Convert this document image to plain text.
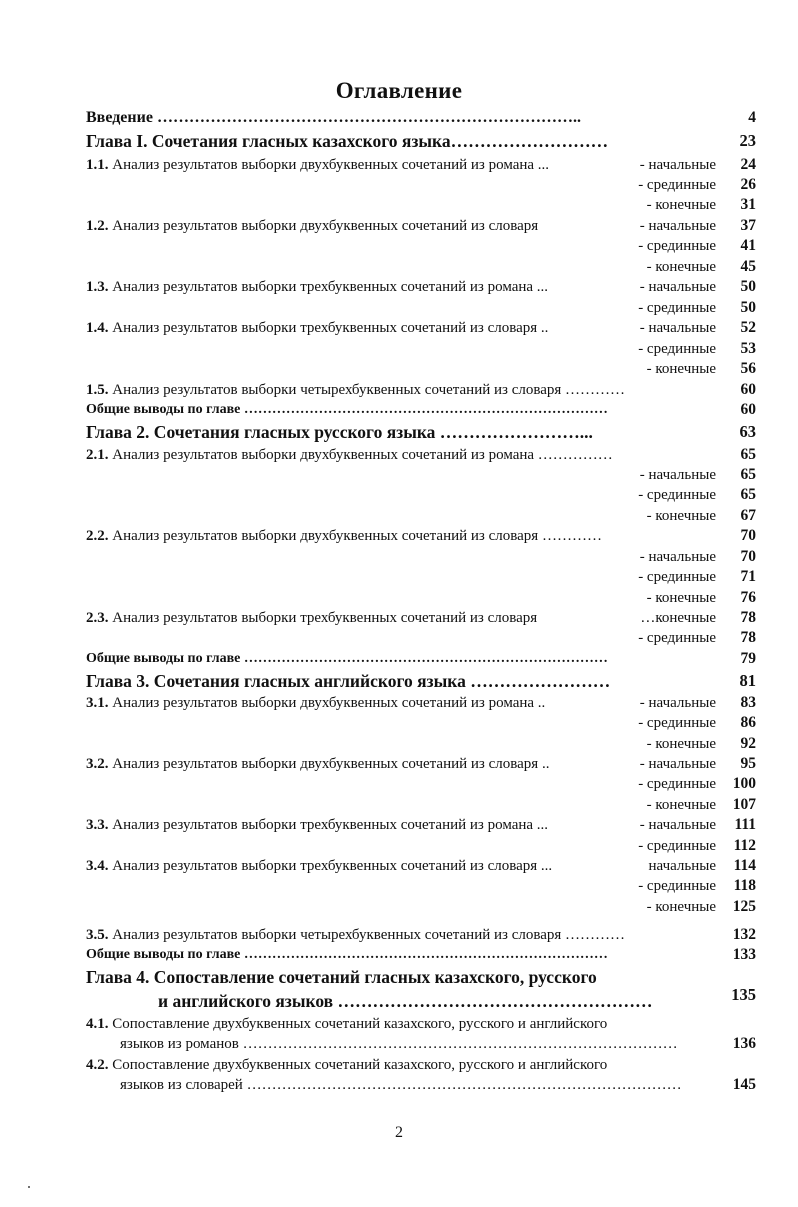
Оглавление
Введение ……………………………………………………………………..	4
Глава I. Сочетания гласных казахского языка………………………	23
1.1. Анализ результатов выборки двухбуквенных сочетаний из романа ...	- начальные 24
- срединные 26
- конечные 31
1.2. Анализ результатов выборки двухбуквенных сочетаний из словаря	- начальные 37
- срединные 41
- конечные 45
1.3. Анализ результатов выборки трехбуквенных сочетаний из романа ...	- начальные 50
- срединные 50
1.4. Анализ результатов выборки трехбуквенных сочетаний из словаря ..	- начальные 52
- срединные 53
- конечные 56
1.5. Анализ результатов выборки четырехбуквенных сочетаний из словаря …………	60
Общие выводы по главе ……………………………………………………………………	60
Глава 2. Сочетания гласных русского языка ……………………...	63
2.1. Анализ результатов выборки двухбуквенных сочетаний из романа ……………	65
- начальные 65
- срединные 65
- конечные 67
2.2. Анализ результатов выборки двухбуквенных сочетаний из словаря …………	70
- начальные 70
- срединные 71
- конечные 76
2.3. Анализ результатов выборки трехбуквенных сочетаний из словаря	…конечные 78
- срединные 78
Общие выводы по главе ……………………………………………………………………	79
Глава 3. Сочетания гласных английского языка ……………………	81
3.1. Анализ результатов выборки двухбуквенных сочетаний из романа ..	- начальные 83
- срединные 86
- конечные 92
3.2. Анализ результатов выборки двухбуквенных сочетаний из словаря ..	- начальные 95
- срединные 100
- конечные 107
3.3. Анализ результатов выборки трехбуквенных сочетаний из романа ...	- начальные 111
- срединные 112
3.4. Анализ результатов выборки трехбуквенных сочетаний из словаря ...	начальные 114
- срединные 118
- конечные 125
3.5. Анализ результатов выборки четырехбуквенных сочетаний из словаря …………	132
Общие выводы по главе ……………………………………………………………………	133
Глава 4. Сопоставление сочетаний гласных казахского, русского
и английского языков ………………………………………………	135
4.1. Сопоставление двухбуквенных сочетаний казахского, русского и английского
языков из романов ……………………………………………………………………………	136
4.2. Сопоставление двухбуквенных сочетаний казахского, русского и английского
языков из словарей ……………………………………………………………………………	145
2
